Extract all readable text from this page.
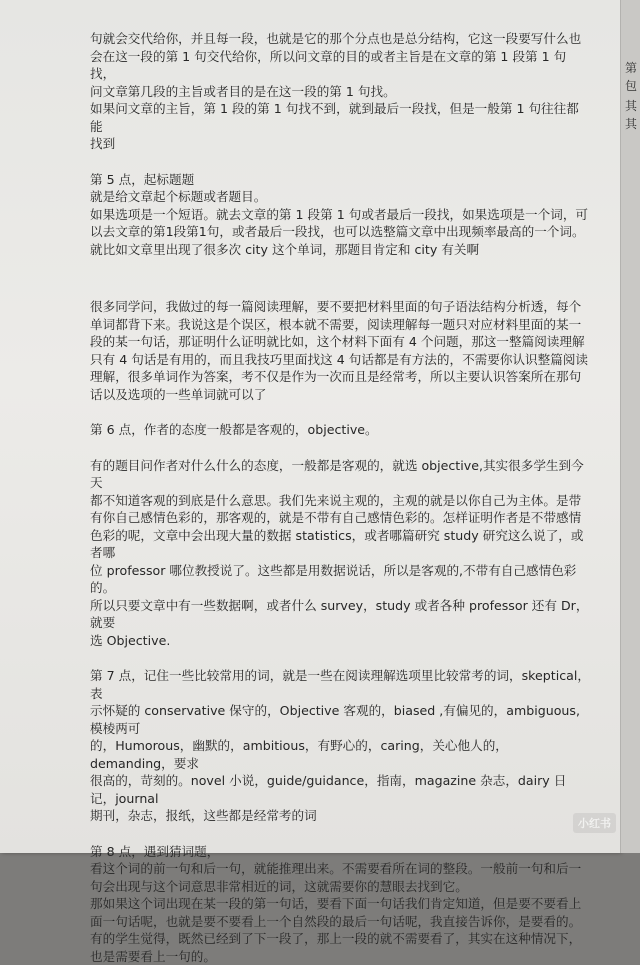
句就会交代给你，并且每一段，也就是它的那个分点也是总分结构，它这一段要写什么也

会在这一段的第 1 句交代给你，所以问文章的目的或者主旨是在文章的第 1 段第 1 句找，

问文章第几段的主旨或者目的是在这一段的第 1 句找。

如果问文章的主旨，第 1 段的第 1 句找不到，就到最后一段找，但是一般第 1 句往往都能

找到

第 5 点，起标题题

就是给文章起个标题或者题目。

如果选项是一个短语。就去文章的第 1 段第 1 句或者最后一段找，如果选项是一个词，可

以去文章的第1段第1句，或者最后一段找，也可以选整篇文章中出现频率最高的一个词。

就比如文章里出现了很多次 city 这个单词，那题目肯定和 city 有关啊

很多同学问，我做过的每一篇阅读理解，要不要把材料里面的句子语法结构分析透，每个

单词都背下来。我说这是个误区，根本就不需要，阅读理解每一题只对应材料里面的某一

段的某一句话，那证明什么证明就比如，这个材料下面有 4 个问题，那这一整篇阅读理解

只有 4 句话是有用的，而且我技巧里面找这 4 句话都是有方法的，不需要你认识整篇阅读

理解，很多单词作为答案，考不仅是作为一次而且是经常考，所以主要认识答案所在那句

话以及选项的一些单词就可以了

第 6 点，作者的态度一般都是客观的，objective。

有的题目问作者对什么什么的态度，一般都是客观的，就选 objective,其实很多学生到今天

都不知道客观的到底是什么意思。我们先来说主观的，主观的就是以你自己为主体。是带

有你自己感情色彩的，那客观的，就是不带有自己感情色彩的。怎样证明作者是不带感情

色彩的呢，文章中会出现大量的数据 statistics，或者哪篇研究 study 研究这么说了，或者哪

位 professor 哪位教授说了。这些都是用数据说话，所以是客观的,不带有自己感情色彩的。

所以只要文章中有一些数据啊，或者什么 survey，study 或者各种 professor 还有 Dr，就要

选 Objective.

第 7 点，记住一些比较常用的词，就是一些在阅读理解选项里比较常考的词，skeptical，表

示怀疑的 conservative 保守的，Objective 客观的，biased ,有偏见的，ambiguous,模棱两可

的，Humorous，幽默的，ambitious，有野心的，caring，关心他人的，demanding，要求

很高的，苛刻的。novel 小说，guide/guidance，指南，magazine 杂志，dairy 日记，journal

期刊，杂志，报纸，这些都是经常考的词

第 8 点，遇到猜词题，

看这个词的前一句和后一句，就能推理出来。不需要看所在词的整段。一般前一句和后一

句会出现与这个词意思非常相近的词，这就需要你的慧眼去找到它。

那如果这个词出现在某一段的第一句话，要看下面一句话我们肯定知道，但是要不要看上

面一句话呢，也就是要不要看上一个自然段的最后一句话呢，我直接告诉你，是要看的。

有的学生觉得，既然已经到了下一段了，那上一段的就不需要看了，其实在这种情况下，

也是需要看上一句的。

第
包
其
其
小红书
